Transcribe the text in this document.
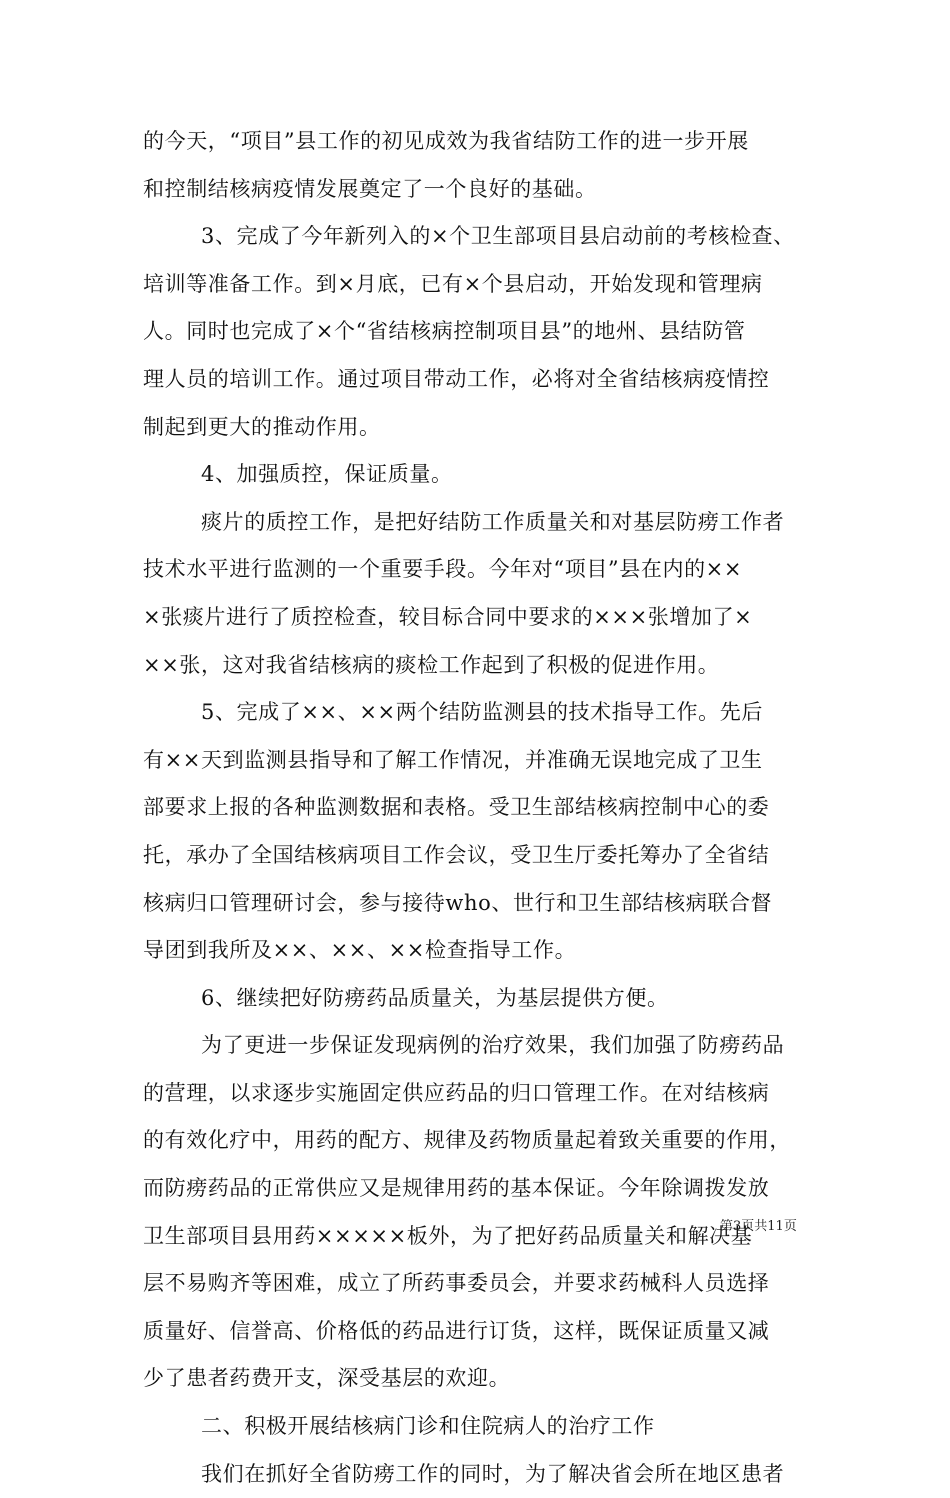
的今天，“项目”县工作的初见成效为我省结防工作的进一步开展
和控制结核病疫情发展奠定了一个良好的基础。
3、完成了今年新列入的×个卫生部项目县启动前的考核检查、
培训等准备工作。到×月底，已有×个县启动，开始发现和管理病
人。同时也完成了×个“省结核病控制项目县”的地州、县结防管
理人员的培训工作。通过项目带动工作，必将对全省结核病疫情控
制起到更大的推动作用。
4、加强质控，保证质量。
痰片的质控工作，是把好结防工作质量关和对基层防痨工作者
技术水平进行监测的一个重要手段。今年对“项目”县在内的××
×张痰片进行了质控检查，较目标合同中要求的×××张增加了×
××张，这对我省结核病的痰检工作起到了积极的促进作用。
5、完成了××、××两个结防监测县的技术指导工作。先后
有××天到监测县指导和了解工作情况，并准确无误地完成了卫生
部要求上报的各种监测数据和表格。受卫生部结核病控制中心的委
托，承办了全国结核病项目工作会议，受卫生厅委托筹办了全省结
核病归口管理研讨会，参与接待who、世行和卫生部结核病联合督
导团到我所及××、××、××检查指导工作。
6、继续把好防痨药品质量关，为基层提供方便。
为了更进一步保证发现病例的治疗效果，我们加强了防痨药品
的营理，以求逐步实施固定供应药品的归口管理工作。在对结核病
的有效化疗中，用药的配方、规律及药物质量起着致关重要的作用，
而防痨药品的正常供应又是规律用药的基本保证。今年除调拨发放
卫生部项目县用药×××××板外，为了把好药品质量关和解决基
层不易购齐等困难，成立了所药事委员会，并要求药械科人员选择
质量好、信誉高、价格低的药品进行订货，这样，既保证质量又减
少了患者药费开支，深受基层的欢迎。
二、积极开展结核病门诊和住院病人的治疗工作
我们在抓好全省防痨工作的同时，为了解决省会所在地区患者
第3页共11页
